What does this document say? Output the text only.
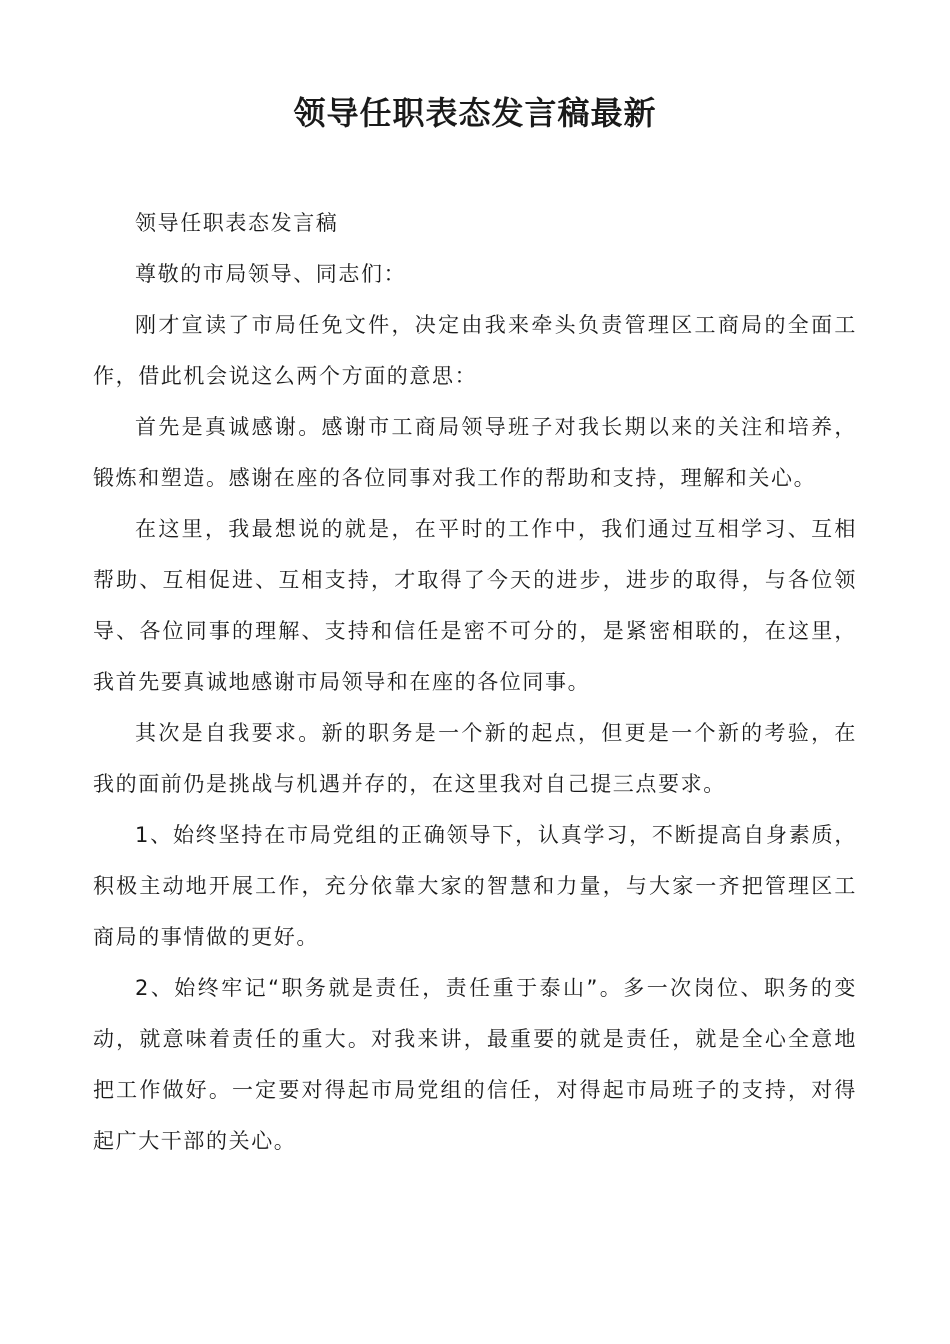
领导任职表态发言稿最新

领导任职表态发言稿

尊敬的市局领导、同志们：

刚才宣读了市局任免文件，决定由我来牵头负责管理区工商局的全面工作，借此机会说这么两个方面的意思：

首先是真诚感谢。感谢市工商局领导班子对我长期以来的关注和培养，锻炼和塑造。感谢在座的各位同事对我工作的帮助和支持，理解和关心。

在这里，我最想说的就是，在平时的工作中，我们通过互相学习、互相帮助、互相促进、互相支持，才取得了今天的进步，进步的取得，与各位领导、各位同事的理解、支持和信任是密不可分的，是紧密相联的，在这里，我首先要真诚地感谢市局领导和在座的各位同事。

其次是自我要求。新的职务是一个新的起点，但更是一个新的考验，在我的面前仍是挑战与机遇并存的，在这里我对自己提三点要求。

1、始终坚持在市局党组的正确领导下，认真学习，不断提高自身素质，积极主动地开展工作，充分依靠大家的智慧和力量，与大家一齐把管理区工商局的事情做的更好。

2、始终牢记“职务就是责任，责任重于泰山”。多一次岗位、职务的变动，就意味着责任的重大。对我来讲，最重要的就是责任，就是全心全意地把工作做好。一定要对得起市局党组的信任，对得起市局班子的支持，对得起广大干部的关心。
